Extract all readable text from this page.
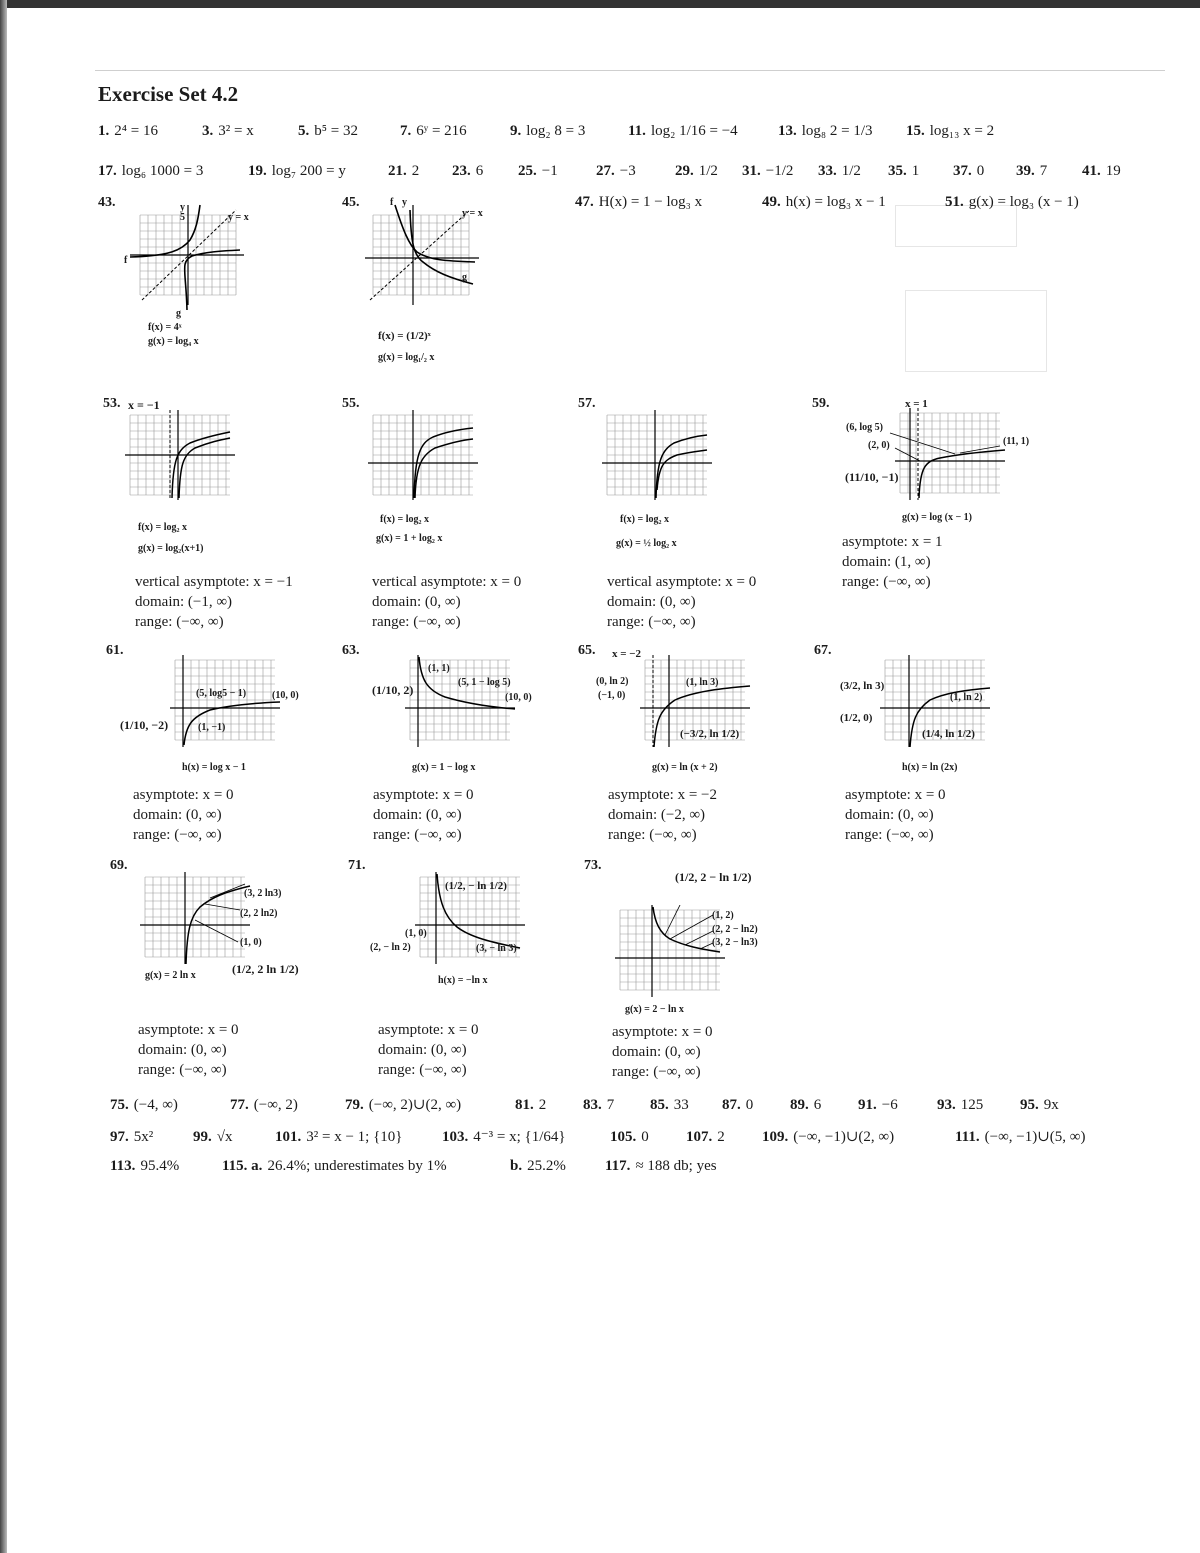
Exercise Set 4.2
1. 2⁴ = 16	3. 3² = x	5. b⁵ = 32	7. 6ʸ = 216	9. log₂ 8 = 3	11. log₂ 1/16 = −4	13. log₈ 2 = 1/3 15. log₁₃ x = 2
17. log₆ 1000 = 3	19. log₇ 200 = y	21. 2 23. 6 25. −1	27. −3	29. 1/2 31. −1/2 33. 1/2 35. 1 37. 0 39. 7 41. 19
47. H(x) = 1 − log₃ x	49. h(x) = log₃ x − 1	51. g(x) = log₃ (x − 1)
43.	y
5	y = x
f
g
f(x) = 4ˣ
g(x) = log₄ x
45.	f y
y = x
g
f(x) = (1/2)ˣ
g(x) = log₁/₂ x
53. x = −1
f(x) = log₂ x
g(x) = log₂(x+1)
vertical asymptote: x = −1
domain: (−1, ∞)
range: (−∞, ∞)
55.
f(x) = log₂ x
g(x) = 1 + log₂ x
vertical asymptote: x = 0
domain: (0, ∞)
range: (−∞, ∞)
57.
f(x) = log₂ x
g(x) = ½ log₂ x
vertical asymptote: x = 0
domain: (0, ∞)
range: (−∞, ∞)
59.	x = 1
(6, log 5)
(2, 0)
(11/10, −1)
(11, 1)
g(x) = log (x − 1)
asymptote: x = 1
domain: (1, ∞)
range: (−∞, ∞)
61.
(5, log5 − 1)	(10, 0)
(1/10, −2)	(1, −1)
h(x) = log x − 1
asymptote: x = 0
domain: (0, ∞)
range: (−∞, ∞)
63.
(1, 1)
(5, 1 − log 5)
(10, 0)
(1/10, 2)
g(x) = 1 − log x
asymptote: x = 0
domain: (0, ∞)
range: (−∞, ∞)
65. x = −2
(0, ln 2)
(−1, 0)
(1, ln 3)
(−3/2, ln 1/2)
g(x) = ln (x + 2)
asymptote: x = −2
domain: (−2, ∞)
range: (−∞, ∞)
67.
(3/2, ln 3)
(1/2, 0)
(1, ln 2)
(1/4, ln 1/2)
h(x) = ln (2x)
asymptote: x = 0
domain: (0, ∞)
range: (−∞, ∞)
69.
(3, 2 ln3)
(2, 2 ln2)
(1, 0)
(1/2, 2 ln 1/2)
g(x) = 2 ln x
asymptote: x = 0
domain: (0, ∞)
range: (−∞, ∞)
71.
(1/2, − ln 1/2)
(1, 0)
(2, − ln 2)	(3, − ln 3)
h(x) = −ln x
asymptote: x = 0
domain: (0, ∞)
range: (−∞, ∞)
73.
(1/2, 2 − ln 1/2)
(1, 2)
(2, 2 − ln2)
(3, 2 − ln3)
g(x) = 2 − ln x
asymptote: x = 0
domain: (0, ∞)
range: (−∞, ∞)
75. (−4, ∞)	77. (−∞, 2)	79. (−∞, 2)∪(2, ∞)	81. 2 83. 7 85. 33 87. 0 89. 6 91. −6	93. 125 95. 9x
97. 5x²	99. √x	101. 3² = x − 1; {10}	103. 4⁻³ = x; {1/64}	105. 0 107. 2 109. (−∞, −1)∪(2, ∞)	111. (−∞, −1)∪(5, ∞)
113. 95.4%	115. a. 26.4%; underestimates by 1%	b. 25.2%	117. ≈ 188 db; yes
